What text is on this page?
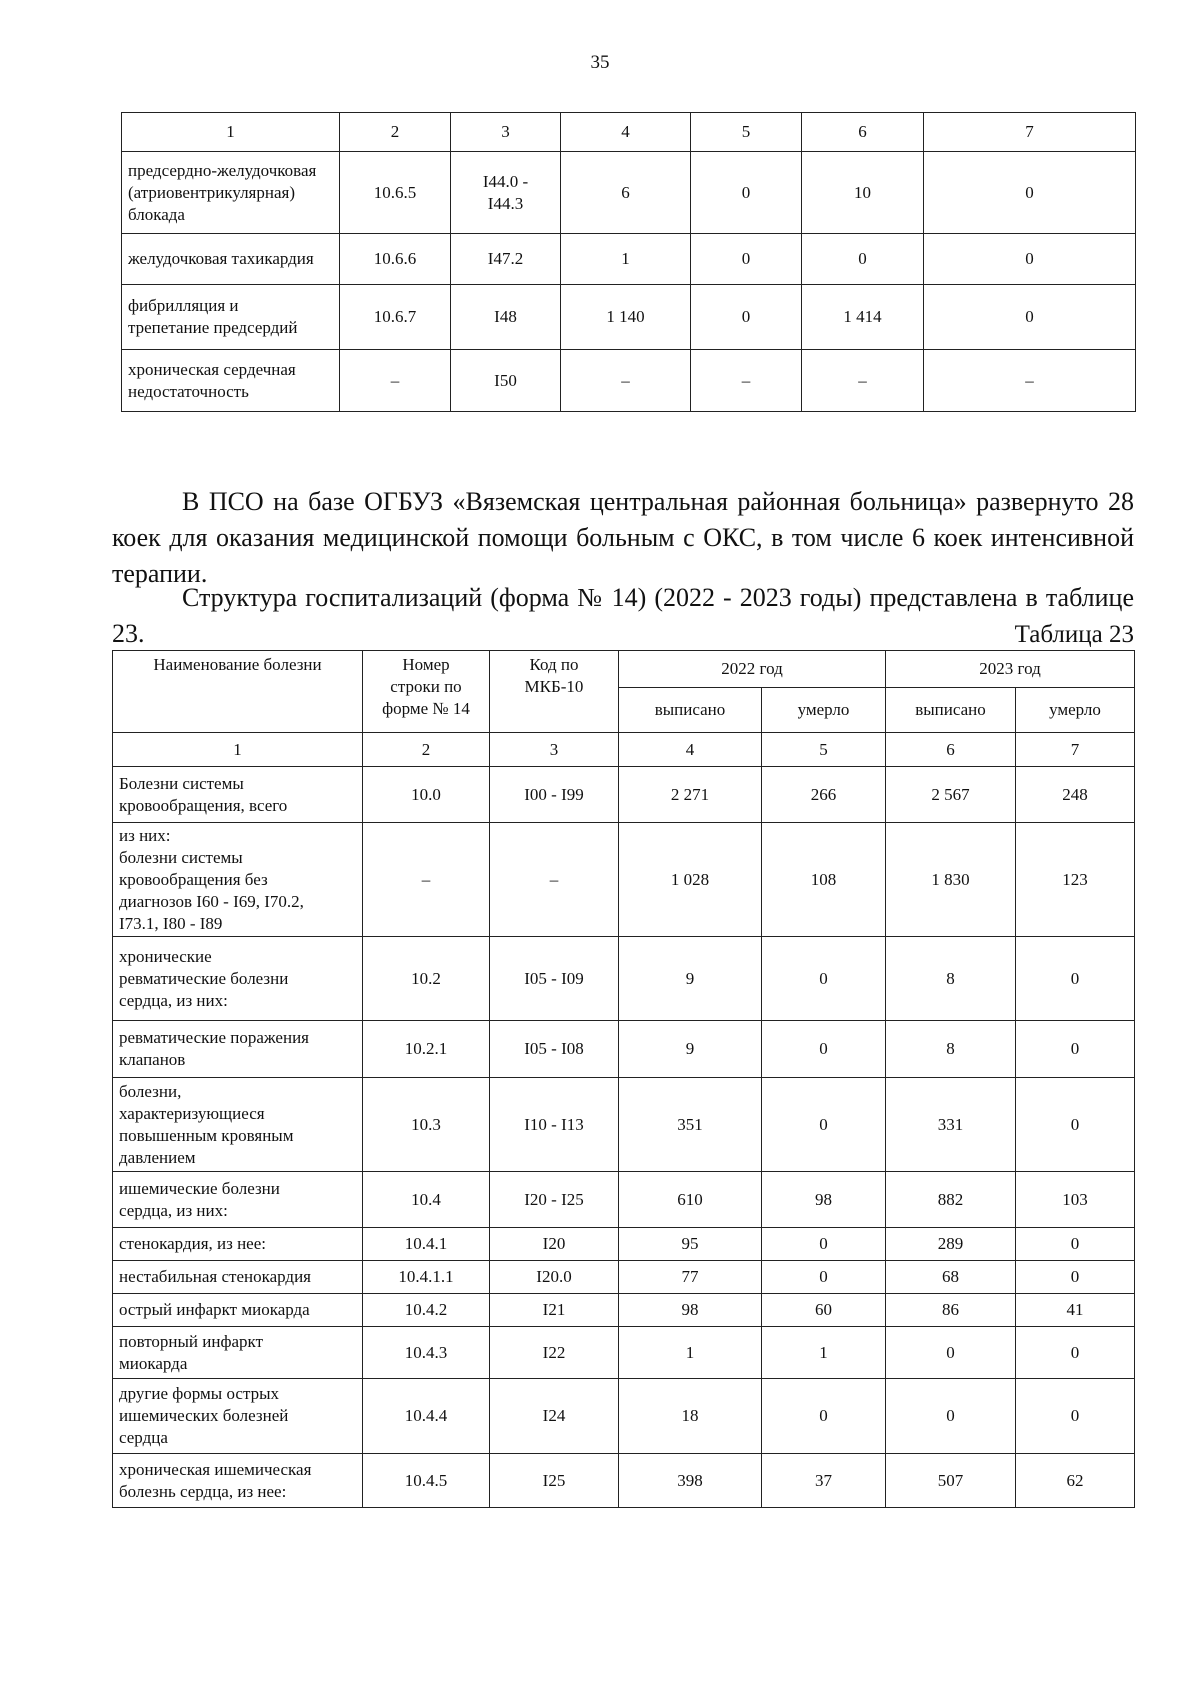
35
1	2	3	4	5	6	7
предсердно-желудочковая
(атриовентрикулярная)
блокада	10.6.5	I44.0 -
I44.3	6	0	10	0
желудочковая тахикардия	10.6.6	I47.2	1	0	0	0
фибрилляция и
трепетание предсердий	10.6.7	I48	1 140	0	1 414	0
хроническая сердечная
недостаточность	–	I50	–	–	–	–

В ПСО на базе ОГБУЗ «Вяземская центральная районная больница» развернуто 28 коек для оказания медицинской помощи больным с ОКС, в том числе 6 коек интенсивной терапии.

Структура госпитализаций (форма № 14) (2022 - 2023 годы) представлена в таблице 23.	Таблица 23
Наименование болезни	Номер
строки по
форме № 14	Код по
МКБ-10	2022 год		2023 год	
			выписано	умерло	выписано	умерло
1	2	3	4	5	6	7
Болезни системы
кровообращения, всего	10.0	I00 - I99	2 271	266	2 567	248
из них:
болезни системы
кровообращения без
диагнозов I60 - I69, I70.2,
I73.1, I80 - I89	–	–	1 028	108	1 830	123
хронические
ревматические болезни
сердца, из них:	10.2	I05 - I09	9	0	8	0
ревматические поражения
клапанов	10.2.1	I05 - I08	9	0	8	0
болезни,
характеризующиеся
повышенным кровяным
давлением	10.3	I10 - I13	351	0	331	0
ишемические болезни
сердца, из них:	10.4	I20 - I25	610	98	882	103
стенокардия, из нее:	10.4.1	I20	95	0	289	0
нестабильная стенокардия	10.4.1.1	I20.0	77	0	68	0
острый инфаркт миокарда	10.4.2	I21	98	60	86	41
повторный инфаркт
миокарда	10.4.3	I22	1	1	0	0
другие формы острых
ишемических болезней
сердца	10.4.4	I24	18	0	0	0
хроническая ишемическая
болезнь сердца, из нее:	10.4.5	I25	398	37	507	62
